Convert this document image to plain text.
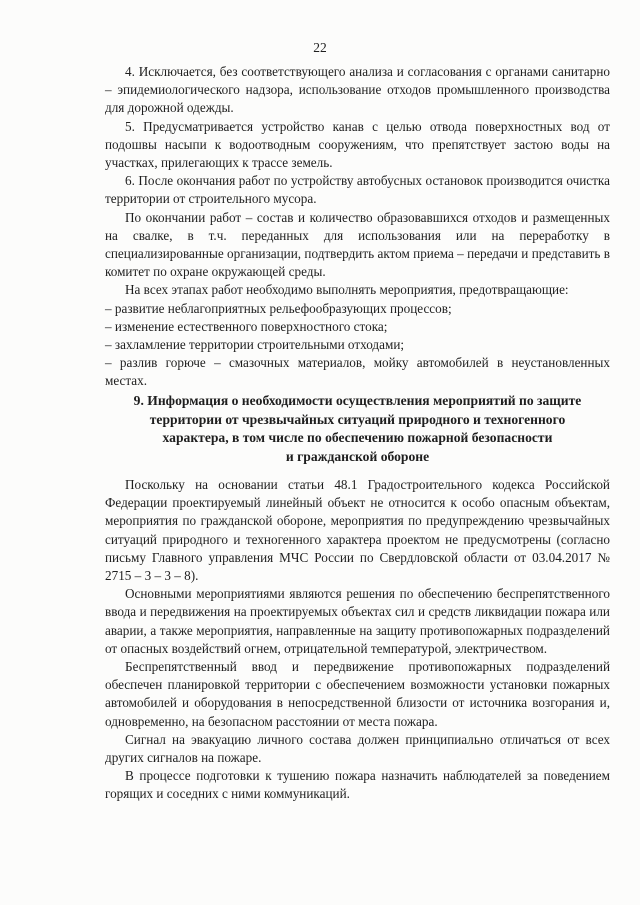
22

4. Исключается, без соответствующего анализа и согласования с органами санитарно – эпидемиологического надзора, использование отходов промышленного производства для дорожной одежды.

5. Предусматривается устройство канав с целью отвода поверхностных вод от подошвы насыпи к водоотводным сооружениям, что препятствует застою воды на участках, прилегающих к трассе земель.

6. После окончания работ по устройству автобусных остановок производится очистка территории от строительного мусора.

По окончании работ – состав и количество образовавшихся отходов и размещенных на свалке, в т.ч. переданных для использования или на переработку в специализированные организации, подтвердить актом приема – передачи и представить в комитет по охране окружающей среды.

На всех этапах работ необходимо выполнять мероприятия, предотвращающие:

– развитие неблагоприятных рельефообразующих процессов;

– изменение естественного поверхностного стока;

– захламление территории строительными отходами;

– разлив горюче – смазочных материалов, мойку автомобилей в неустановленных местах.

9. Информация о необходимости осуществления мероприятий по защите
территории от чрезвычайных ситуаций природного и техногенного
характера, в том числе по обеспечению пожарной безопасности
и гражданской обороне

Поскольку на основании статьи 48.1 Градостроительного кодекса Российской Федерации проектируемый линейный объект не относится к особо опасным объектам, мероприятия по гражданской обороне, мероприятия по предупреждению чрезвычайных ситуаций природного и техногенного характера проектом не предусмотрены (согласно письму Главного управления МЧС России по Свердловской области от 03.04.2017 № 2715 – 3 – 3 – 8).

Основными мероприятиями являются решения по обеспечению беспрепятственного ввода и передвижения на проектируемых объектах сил и средств ликвидации пожара или аварии, а также мероприятия, направленные на защиту противопожарных подразделений от опасных воздействий огнем, отрицательной температурой, электричеством.

Беспрепятственный ввод и передвижение противопожарных подразделений обеспечен планировкой территории с обеспечением возможности установки пожарных автомобилей и оборудования в непосредственной близости от источника возгорания и, одновременно, на безопасном расстоянии от места пожара.

Сигнал на эвакуацию личного состава должен принципиально отличаться от всех других сигналов на пожаре.

В процессе подготовки к тушению пожара назначить наблюдателей за поведением горящих и соседних с ними коммуникаций.
